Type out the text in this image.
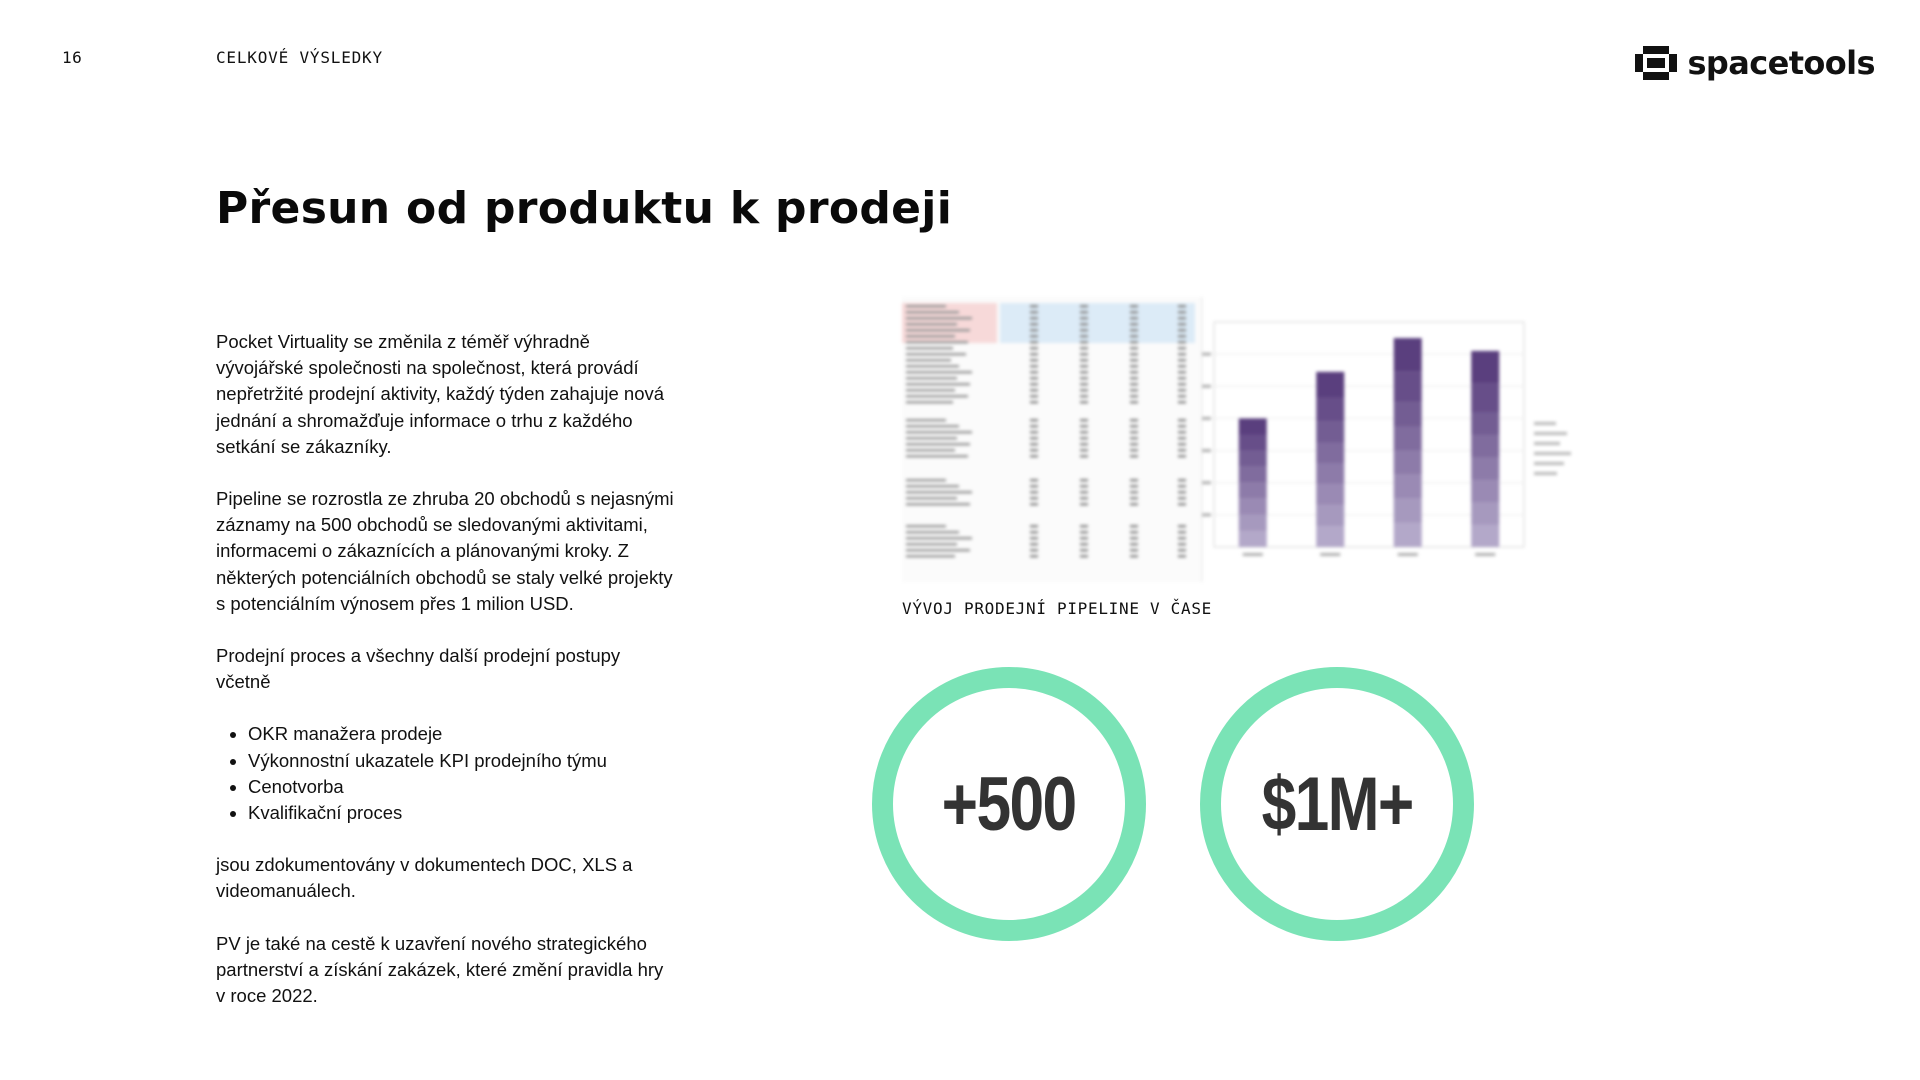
16	CELKOVÉ VÝSLEDKY	spacetools
Přesun od produktu k prodeji

Pocket Virtuality se změnila z téměř výhradně vývojářské společnosti na společnost, která provádí nepřetržité prodejní aktivity, každý týden zahajuje nová jednání a shromažďuje informace o trhu z každého setkání se zákazníky.

Pipeline se rozrostla ze zhruba 20 obchodů s nejasnými záznamy na 500 obchodů se sledovanými aktivitami, informacemi o zákaznících a plánovanými kroky. Z některých potenciálních obchodů se staly velké projekty s potenciálním výnosem přes 1 milion USD.

Prodejní proces a všechny další prodejní postupy včetně

• OKR manažera prodeje
• Výkonnostní ukazatele KPI prodejního týmu
• Cenotvorba
• Kvalifikační proces

jsou zdokumentovány v dokumentech DOC, XLS a videomanuálech.

PV je také na cestě k uzavření nového strategického partnerství a získání zakázek, které změní pravidla hry v roce 2022.

VÝVOJ PRODEJNÍ PIPELINE V ČASE
+500 $1M+
